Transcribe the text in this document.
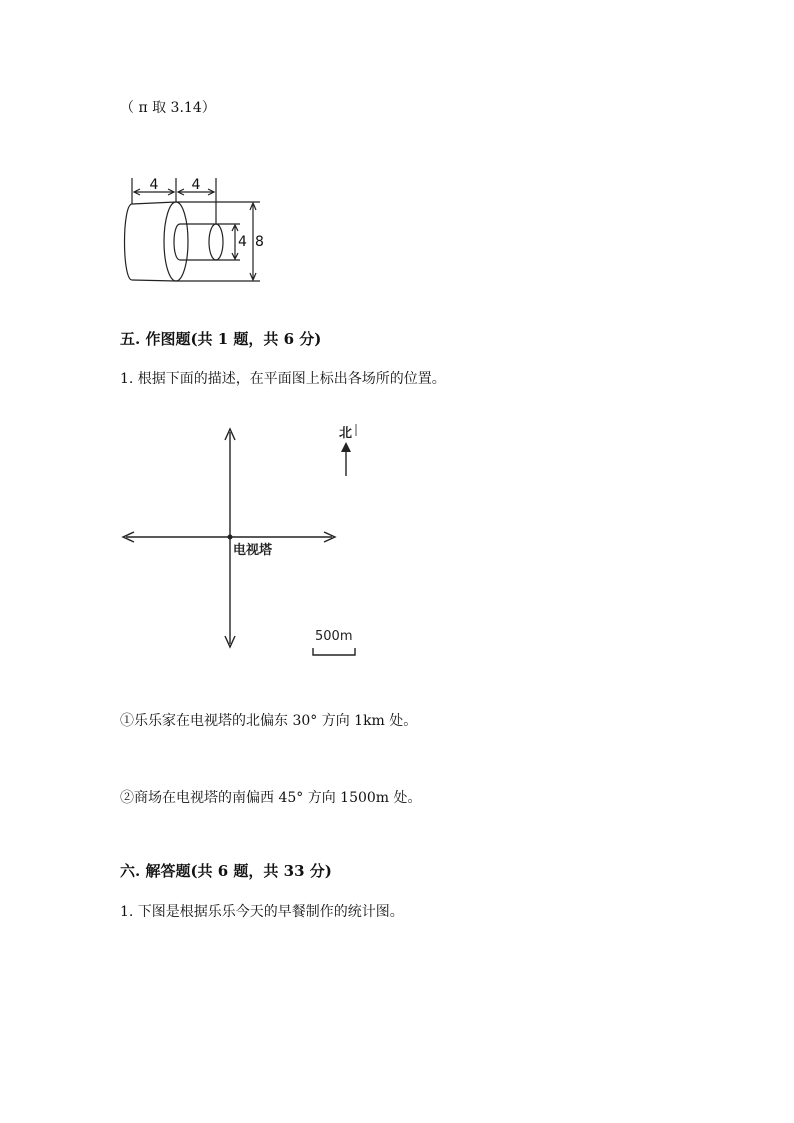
（ π 取 3.14）
4 4
4 8
五. 作图题(共 1 题，共 6 分)
1. 根据下面的描述，在平面图上标出各场所的位置。
北
电视塔
500m
①乐乐家在电视塔的北偏东 30° 方向 1km 处。
②商场在电视塔的南偏西 45° 方向 1500m 处。
六. 解答题(共 6 题，共 33 分)
1. 下图是根据乐乐今天的早餐制作的统计图。
